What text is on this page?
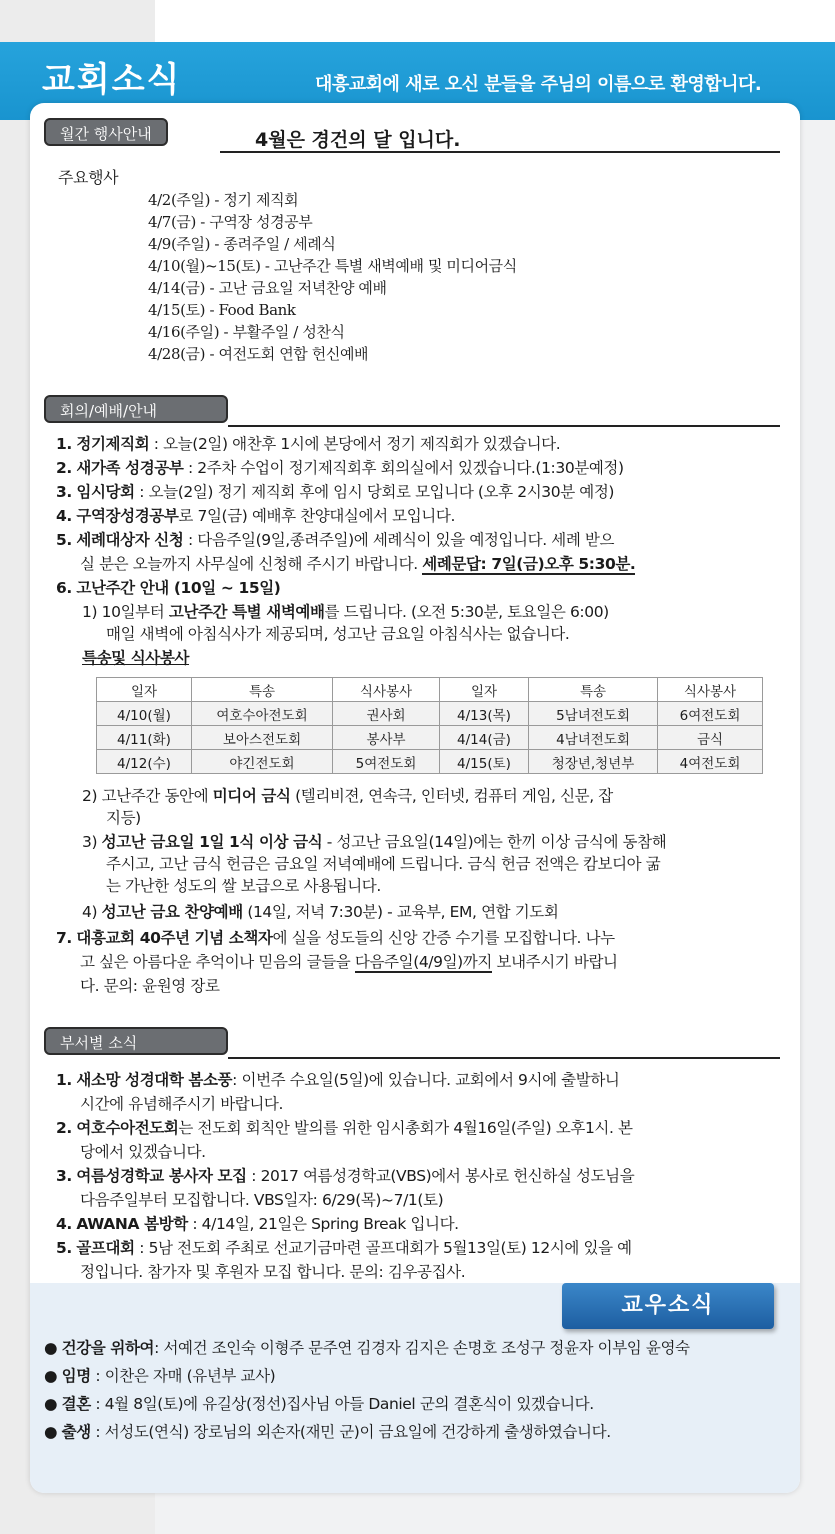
교회소식	대흥교회에 새로 오신 분들을 주님의 이름으로 환영합니다.
월간 행사안내	4월은 경건의 달 입니다.
주요행사
4/2(주일) - 정기 제직회
4/7(금) - 구역장 성경공부
4/9(주일) - 종려주일 / 세례식
4/10(월)~15(토) - 고난주간 특별 새벽예배 및 미디어금식
4/14(금) - 고난 금요일 저녁찬양 예배
4/15(토) - Food Bank
4/16(주일) - 부활주일 / 성찬식
4/28(금) - 여전도회 연합 헌신예배
회의/예배/안내
1. 정기제직회 : 오늘(2일) 애찬후 1시에 본당에서 정기 제직회가 있겠습니다.
2. 새가족 성경공부 : 2주차 수업이 정기제직회후 회의실에서 있겠습니다.(1:30분예정)
3. 임시당회 : 오늘(2일) 정기 제직회 후에 임시 당회로 모입니다 (오후 2시30분 예정)
4. 구역장성경공부로 7일(금) 예배후 찬양대실에서 모입니다.
5. 세례대상자 신청 : 다음주일(9일,종려주일)에 세례식이 있을 예정입니다. 세례 받으
실 분은 오늘까지 사무실에 신청해 주시기 바랍니다. 세례문답: 7일(금)오후 5:30분.
6. 고난주간 안내 (10일 ~ 15일)
1) 10일부터 고난주간 특별 새벽예배를 드립니다. (오전 5:30분, 토요일은 6:00)
매일 새벽에 아침식사가 제공되며, 성고난 금요일 아침식사는 없습니다.
특송및 식사봉사
일자	특송	식사봉사	일자	특송	식사봉사
4/10(월)	여호수아전도회	권사회	4/13(목)	5남녀전도회	6여전도회
4/11(화)	보아스전도회	봉사부	4/14(금)	4남녀전도회	금식
4/12(수)	야긴전도회	5여전도회	4/15(토)	청장년,청년부	4여전도회
2) 고난주간 동안에 미디어 금식 (텔리비젼, 연속극, 인터넷, 컴퓨터 게임, 신문, 잡
지등)
3) 성고난 금요일 1일 1식 이상 금식 - 성고난 금요일(14일)에는 한끼 이상 금식에 동참해
주시고, 고난 금식 헌금은 금요일 저녁예배에 드립니다. 금식 헌금 전액은 캄보디아 굶
는 가난한 성도의 쌀 보급으로 사용됩니다.
4) 성고난 금요 찬양예배 (14일, 저녁 7:30분) - 교육부, EM, 연합 기도회
7. 대흥교회 40주년 기념 소책자에 실을 성도들의 신앙 간증 수기를 모집합니다. 나누
고 싶은 아름다운 추억이나 믿음의 글들을 다음주일(4/9일)까지 보내주시기 바랍니
다. 문의: 윤원영 장로
부서별 소식
1. 새소망 성경대학 봄소풍: 이번주 수요일(5일)에 있습니다. 교회에서 9시에 출발하니
시간에 유념해주시기 바랍니다.
2. 여호수아전도회는 전도회 회칙안 발의를 위한 임시총회가 4월16일(주일) 오후1시. 본
당에서 있겠습니다.
3. 여름성경학교 봉사자 모집 : 2017 여름성경학교(VBS)에서 봉사로 헌신하실 성도님을
다음주일부터 모집합니다. VBS일자: 6/29(목)~7/1(토)
4. AWANA 봄방학 : 4/14일, 21일은 Spring Break 입니다.
5. 골프대회 : 5남 전도회 주최로 선교기금마련 골프대회가 5월13일(토) 12시에 있을 예
정입니다. 참가자 및 후원자 모집 합니다. 문의: 김우공집사.
교우소식
● 건강을 위하여: 서예건 조인숙 이형주 문주연 김경자 김지은 손명호 조성구 정윤자 이부임 윤영숙
● 임명 : 이찬은 자매 (유년부 교사)
● 결혼 : 4월 8일(토)에 유길상(정선)집사님 아들 Daniel 군의 결혼식이 있겠습니다.
● 출생 : 서성도(연식) 장로님의 외손자(재민 군)이 금요일에 건강하게 출생하였습니다.
